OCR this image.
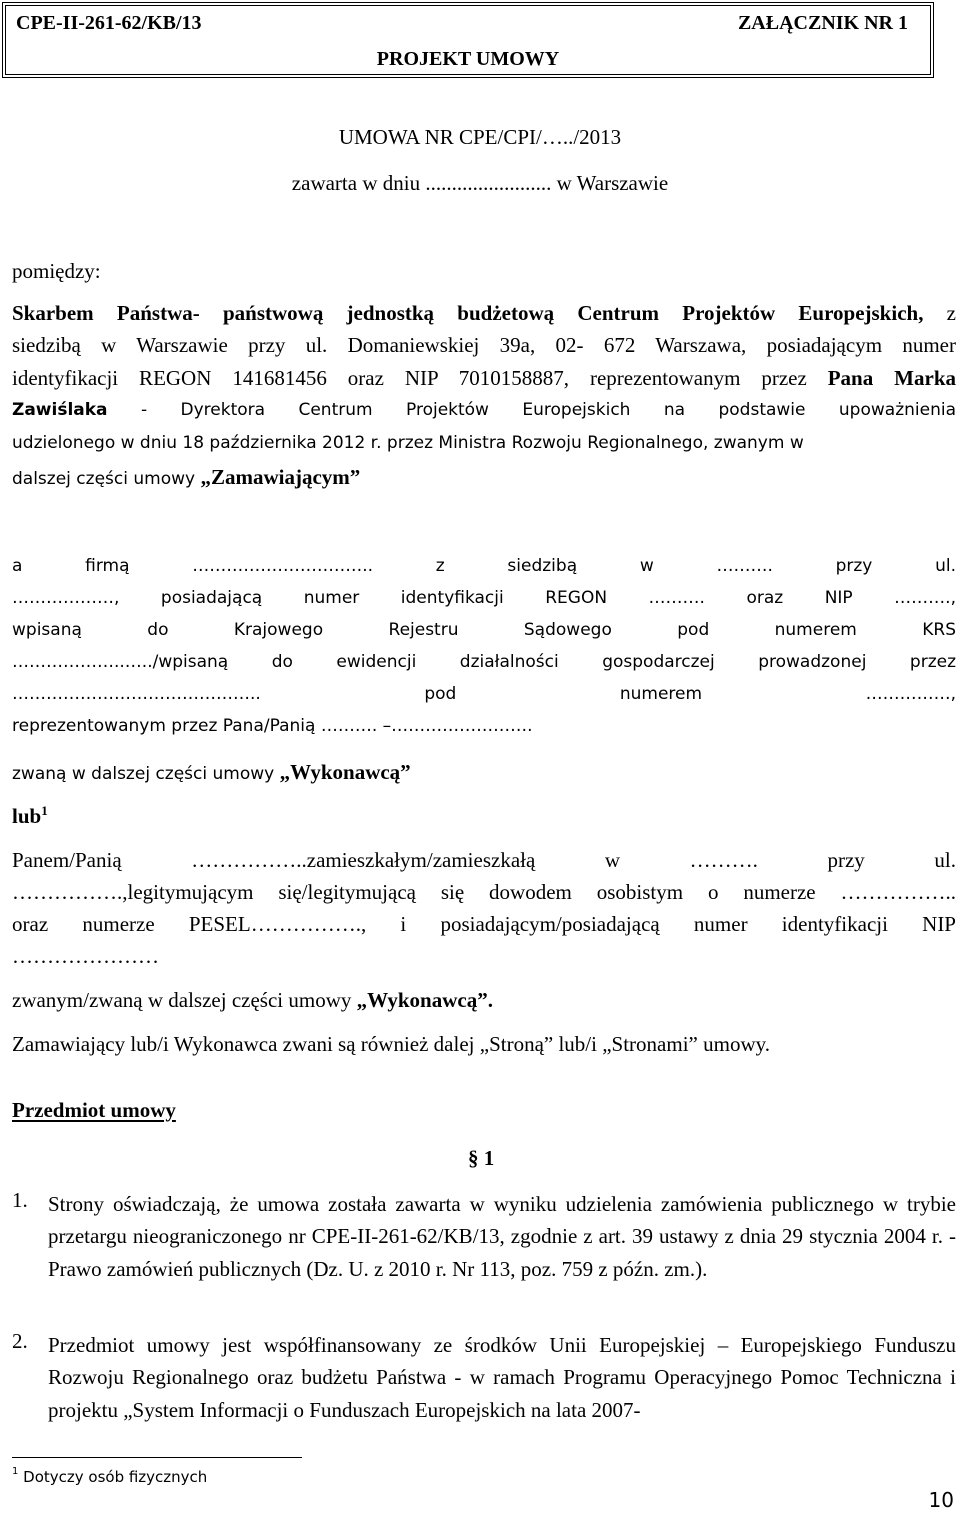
CPE-II-261-62/KB/13	ZAŁĄCZNIK NR 1
PROJEKT UMOWY
UMOWA NR CPE/CPI/…../2013
zawarta w dniu ........................ w Warszawie
pomiędzy:
Skarbem Państwa- państwową jednostką budżetową Centrum Projektów Europejskich, z
siedzibą w Warszawie przy ul. Domaniewskiej 39a, 02- 672 Warszawa, posiadającym numer
identyfikacji REGON 141681456 oraz NIP 7010158887, reprezentowanym przez Pana Marka
Zawiślaka - Dyrektora Centrum Projektów Europejskich na podstawie upoważnienia
udzielonego w dniu 18 października 2012 r. przez Ministra Rozwoju Regionalnego, zwanym w
dalszej części umowy „Zamawiającym”
a firmą ………………………….. z siedzibą w ………. przy ul.
………………, posiadającą numer identyfikacji REGON ………. oraz NIP ……….,
wpisaną do Krajowego Rejestru Sądowego pod numerem KRS
………………..…../wpisaną do ewidencji działalności gospodarczej prowadzonej przez
…………………………………….. pod numerem ……………,
reprezentowanym przez Pana/Panią ………. –…………………….
zwaną w dalszej części umowy „Wykonawcą”
lub$^1$
Panem/Panią ……………..zamieszkałym/zamieszkałą w ………. przy ul.
…………….,legitymującym się/legitymującą się dowodem osobistym o numerze ……………..
oraz numerze PESEL……………., i posiadającym/posiadającą numer identyfikacji NIP
…………………
zwanym/zwaną w dalszej części umowy „Wykonawcą”.
Zamawiający lub/i Wykonawca zwani są również dalej „Stroną” lub/i „Stronami” umowy.
Przedmiot umowy
§ 1
1. Strony oświadczają, że umowa została zawarta w wyniku udzielenia zamówienia publicznego w trybie przetargu nieograniczonego nr CPE-II-261-62/KB/13, zgodnie z art. 39 ustawy z dnia 29 stycznia 2004 r. - Prawo zamówień publicznych (Dz. U. z 2010 r. Nr 113, poz. 759 z późn. zm.).
2. Przedmiot umowy jest współfinansowany ze środków Unii Europejskiej – Europejskiego Funduszu Rozwoju Regionalnego oraz budżetu Państwa - w ramach Programu Operacyjnego Pomoc Techniczna i projektu „System Informacji o Funduszach Europejskich na lata 2007-
$^1$ Dotyczy osób fizycznych
10
